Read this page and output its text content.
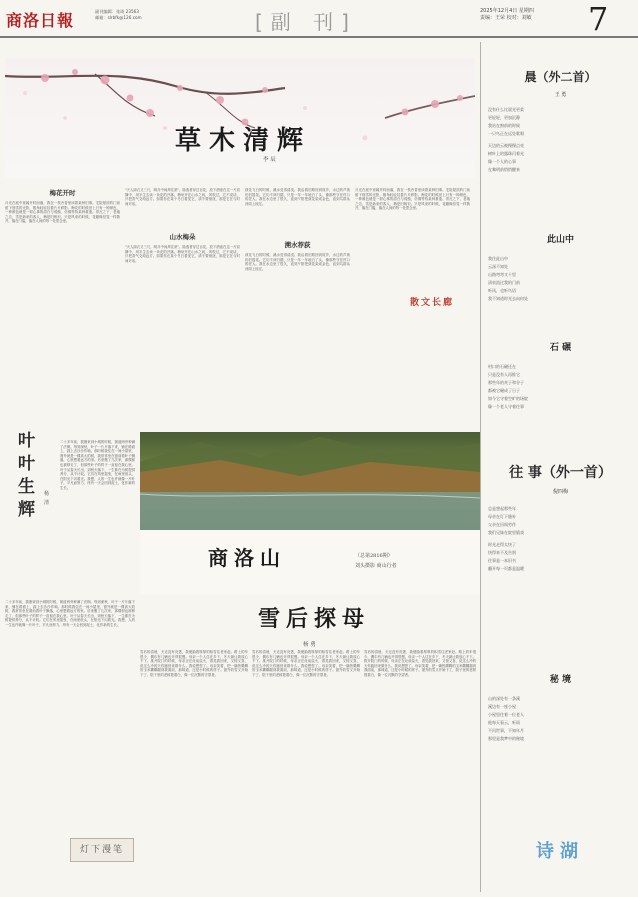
商洛日報	副刊编辑：张琦 23563
邮箱：slrbfk@126.com	[副 刊]	2025年12月4日 星期四
责编：王荣 校对：刘敏 7
草木清辉
李 辰
梅花开时
月光在庭中宽阔开时而落，我在一枝冷香里读着某种旧事。宅院屋顶的门前留下细雪的光影，檐角轻轻挂着片片碎影。梅花的时候世上只有一种颜色，一种颜色就是一树心事的清白与孤傲，仿佛等待某种重逢。青瓦之下，老墙之边，雪是新来的客人，梅是旧相识。只是风来的时候，花瓣像信笺一样散开，落在门槛，落在人间的每一处思念里。
"天人绿衣又三尺，明月中间拜往宽"。隐逸者穿过百花，放下酒壶在这一片寂静中，用半生去读一朵花的开落。梅朵开在山水之间，风吹过，它不说话，只把香气交给远方。如果你在某个冬日看见它，请不要惊扰，那是它在与时间对话。
山水梅朵
"天人绿衣又三尺，明月中间拜往宽"。隐逸者穿过百花，放下酒壶在这一片寂静中，用半生去读一朵花的开落。梅朵开在山水之间，风吹过，它不说话，只把香气交给远方。如果你在某个冬日看见它，请不要惊扰，那是它在与时间对话。
荻花飞白的时候，溪水变得清浅。我沿着旧路回到故乡，水边的芦荻仍旧摇晃。它们不问归期，只是一年一年地白了头，像那些守在村口的老人。我在水边坐了很久，直到夕阳把荻花染成金色，直到鸟群从河面上掠过。
溯水荐荻
荻花飞白的时候，溪水变得清浅。我沿着旧路回到故乡，水边的芦荻仍旧摇晃。它们不问归期，只是一年一年地白了头，像那些守在村口的老人。我在水边坐了很久，直到夕阳把荻花染成金色，直到鸟群从河面上掠过。
月光在庭中宽阔开时而落，我在一枝冷香里读着某种旧事。宅院屋顶的门前留下细雪的光影，檐角轻轻挂着片片碎影。梅花的时候世上只有一种颜色，一种颜色就是一树心事的清白与孤傲，仿佛等待某种重逢。青瓦之下，老墙之边，雪是新来的客人，梅是旧相识。只是风来的时候，花瓣像信笺一样散开，落在门槛，落在人间的每一处思念里。
散文长廊
叶叶生辉
杨 清
二十多年前，我刚来到小城的时候，街道两旁种满了法桐。每到深秋，叶子一片片落下来，铺在路面上，踩上去沙沙作响。那时候我住在一间小屋里，窗外就是一棵高大的树，我常常坐在窗前看叶子飘落，心里想着远方的家。后来搬了几次家，那棵树也被移走了，但那些叶子的样子一直留在我心里。叶子从春天长出，到秋天落下，一生都在为树提供养分，从不计较。它们在风里摇曳，在雨里低头，在阳光下闪着光。我想，人的一生也许就像一片叶子，平凡而努力，终有一天会回到泥土，化作新的生长。
二十多年前，我刚来到小城的时候，街道两旁种满了法桐。每到深秋，叶子一片片落下来，铺在路面上，踩上去沙沙作响。那时候我住在一间小屋里，窗外就是一棵高大的树，我常常坐在窗前看叶子飘落，心里想着远方的家。后来搬了几次家，那棵树也被移走了，但那些叶子的样子一直留在我心里。叶子从春天长出，到秋天落下，一生都在为树提供养分，从不计较。它们在风里摇曳，在雨里低头，在阳光下闪着光。我想，人的一生也许就像一片叶子，平凡而努力，终有一天会回到泥土，化作新的生长。
灯下漫笔
商洛山	（总第2816期）
刘头摄影 商山行者
雪后探母
杨 勇
雪后的清晨，天还没有亮透，我便踏着厚厚的积雪往老家赶。路上的车很少，偶尔有几辆也开得很慢。母亲一个人住在乡下，冬天最让我放心不下。推开院门的时候，母亲正在灶前烧火，看见我回来，又惊又喜，说这么冷的天你跑回来做什么。我说想您了。母亲笑着，把一碗热腾腾的玉米糊糊端到我面前，那味道，还是小时候的样子。窗外的雪又开始下了，院子里的老树披着白，像一位沉默的守望者。
雪后的清晨，天还没有亮透，我便踏着厚厚的积雪往老家赶。路上的车很少，偶尔有几辆也开得很慢。母亲一个人住在乡下，冬天最让我放心不下。推开院门的时候，母亲正在灶前烧火，看见我回来，又惊又喜，说这么冷的天你跑回来做什么。我说想您了。母亲笑着，把一碗热腾腾的玉米糊糊端到我面前，那味道，还是小时候的样子。窗外的雪又开始下了，院子里的老树披着白，像一位沉默的守望者。
雪后的清晨，天还没有亮透，我便踏着厚厚的积雪往老家赶。路上的车很少，偶尔有几辆也开得很慢。母亲一个人住在乡下，冬天最让我放心不下。推开院门的时候，母亲正在灶前烧火，看见我回来，又惊又喜，说这么冷的天你跑回来做什么。我说想您了。母亲笑着，把一碗热腾腾的玉米糊糊端到我面前，那味道，还是小时候的样子。窗外的雪又开始下了，院子里的老树披着白，像一位沉默的守望者。
晨（外二首）
王 勇
没有什么比晨光更柔
更轻轻，更加沉静
我站在窗前的时候
一只鸟正在远处歌唱
天边的云被慢慢点亮
树叶上的露珠闪着光
像一个人的心事
在黎明前悄悄醒来
此山中
我住此山中
云深不知处
山路弯弯又十里
清泉流过我的门前
听风，也听鸟语
我不知道时光去向何处
石 碾
村口的石碾还在
只是没有人再推它
那些年的麦子和谷子
都被它碾成了日子
如今它守着空旷的场院
像一个老人守着往事
往 事（外一首）
倪四梅
总是想起那些年
母亲在灯下缝补
父亲在田间劳作
我们兄妹在院里嬉戏
时光走得太快了
快得来不及告别
往事是一本旧书
翻开每一页都是温暖
秘 境
山的深处有一条溪
溪边有一座小屋
小屋里住着一位老人
他每天看云，听雨
不问世事，不知年月
那里是我梦中的秘境
诗湖
